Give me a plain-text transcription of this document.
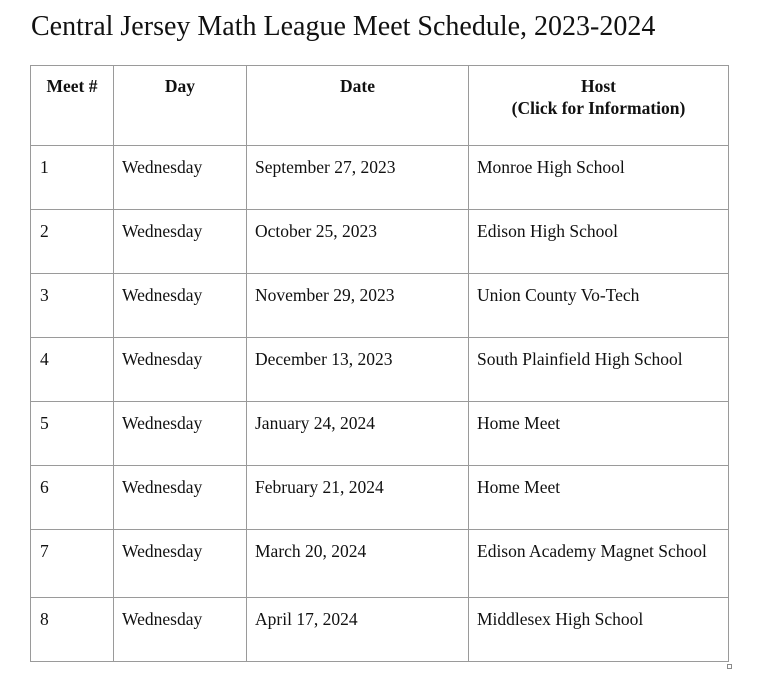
Central Jersey Math League Meet Schedule, 2023-2024
Meet #	Day	Date	Host
(Click for Information)

1	Wednesday	September 27, 2023	Monroe High School
2	Wednesday	October 25, 2023	Edison High School
3	Wednesday	November 29, 2023	Union County Vo-Tech
4	Wednesday	December 13, 2023	South Plainfield High School
5	Wednesday	January 24, 2024	Home Meet
6	Wednesday	February 21, 2024	Home Meet
7	Wednesday	March 20, 2024	Edison Academy Magnet School
8	Wednesday	April 17, 2024	Middlesex High School
